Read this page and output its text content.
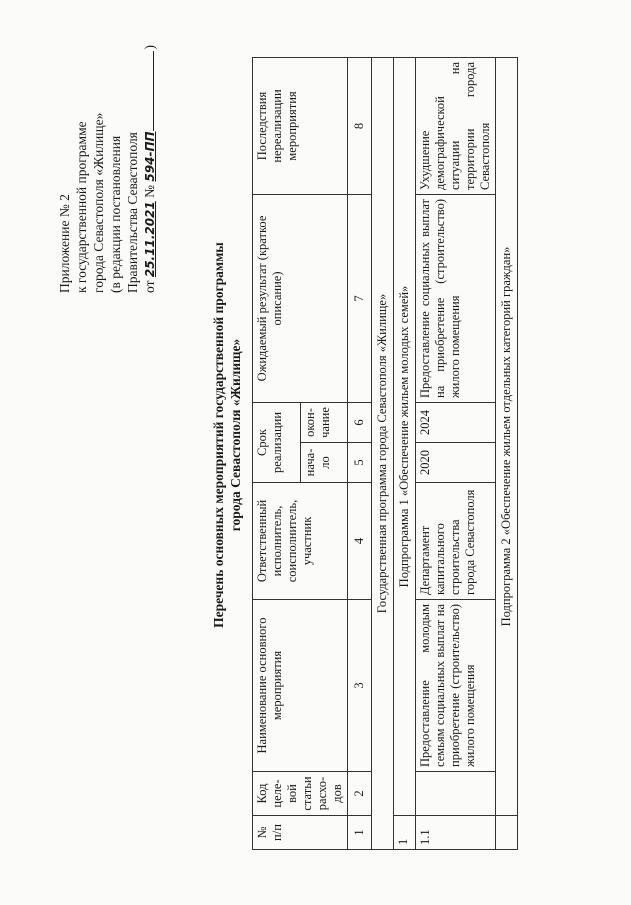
Приложение № 2 к государственной программе города Севастополя «Жилище» (в редакции постановления Правительства Севастополя от 25.11.2021 № 594-ПП)
Перечень основных мероприятий государственной программы города Севастополя «Жилище»
№ п/п	Код целе-вой статьи расхо-дов	Наименование основного мероприятия	Ответственный исполнитель, соисполнитель, участник	Срок реализации		Ожидаемый результат (краткое описание)	Последствия нереализации мероприятия
				нача-ло	окон-чание		
1	2	3	4	5	6	7	8
Государственная программа города Севастополя «Жилище»							
1	Подпрограмма 1 «Обеспечение жильем молодых семей»						
1.1		Предоставление молодым семьям социальных выплат на приобретение (строительство) жилого помещения	Департамент капитального строительства города Севастополя	2020	2024	Предоставление социальных выплат на приобретение (строительство) жилого помещения	Ухудшение демографической ситуации на территории города Севастополя
	Подпрограмма 2 «Обеспечение жильем отдельных категорий граждан»						
